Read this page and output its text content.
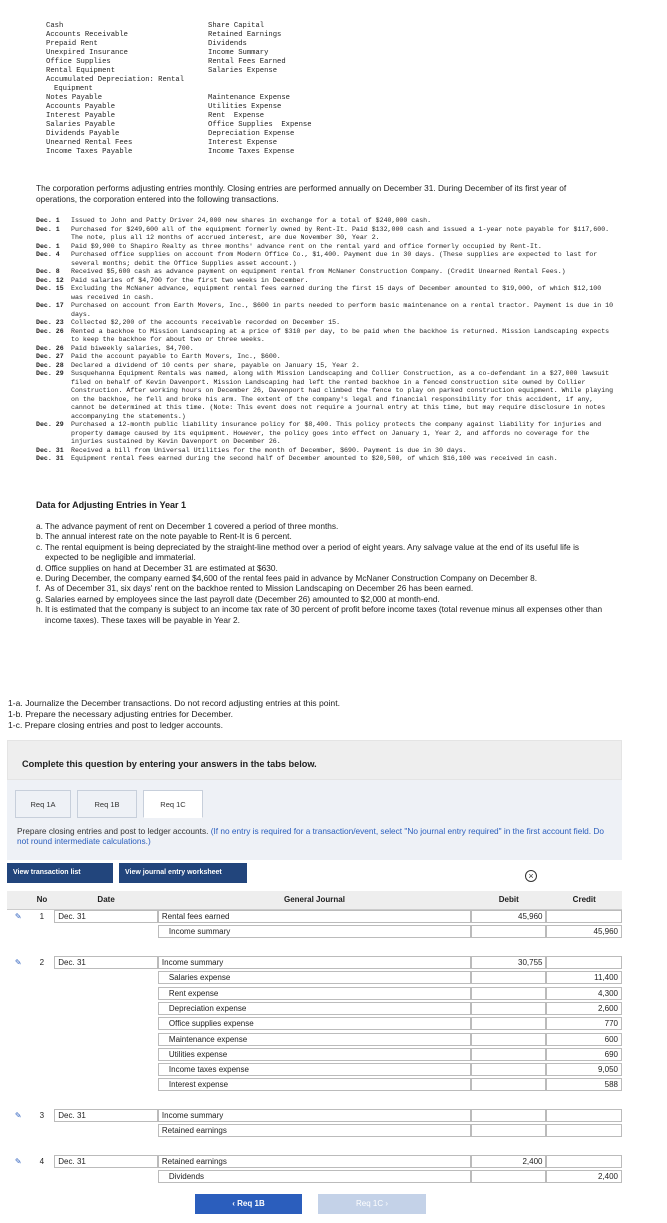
Cash
Accounts Receivable
Prepaid Rent
Unexpired Insurance
Office Supplies
Rental Equipment
Accumulated Depreciation: Rental
Equipment
Notes Payable
Accounts Payable
Interest Payable
Salaries Payable
Dividends Payable
Unearned Rental Fees
Income Taxes Payable
Share Capital
Retained Earnings
Dividends
Income Summary
Rental Fees Earned
Salaries Expense
Maintenance Expense
Utilities Expense
Rent  Expense
Office Supplies  Expense
Depreciation Expense
Interest Expense
Income Taxes Expense
The corporation performs adjusting entries monthly. Closing entries are performed annually on December 31. During December of its first year of operations, the corporation entered into the following transactions.
Dec. 1	Issued to John and Patty Driver 24,000 new shares in exchange for a total of $240,000 cash.
Dec. 1	Purchased for $249,600 all of the equipment formerly owned by Rent-It. Paid $132,000 cash and issued a 1-year note payable for $117,600. The note, plus all 12 months of accrued interest, are due November 30, Year 2.
Dec. 1	Paid $9,900 to Shapiro Realty as three months' advance rent on the rental yard and office formerly occupied by Rent-It.
Dec. 4	Purchased office supplies on account from Modern Office Co., $1,400. Payment due in 30 days. (These supplies are expected to last for several months; debit the Office Supplies asset account.)
Dec. 8	Received $5,600 cash as advance payment on equipment rental from McNaner Construction Company. (Credit Unearned Rental Fees.)
Dec. 12	Paid salaries of $4,700 for the first two weeks in December.
Dec. 15	Excluding the McNaner advance, equipment rental fees earned during the first 15 days of December amounted to $19,000, of which $12,100 was received in cash.
Dec. 17	Purchased on account from Earth Movers, Inc., $600 in parts needed to perform basic maintenance on a rental tractor. Payment is due in 10 days.
Dec. 23	Collected $2,200 of the accounts receivable recorded on December 15.
Dec. 26	Rented a backhoe to Mission Landscaping at a price of $310 per day, to be paid when the backhoe is returned. Mission Landscaping expects to keep the backhoe for about two or three weeks.
Dec. 26	Paid biweekly salaries, $4,700.
Dec. 27	Paid the account payable to Earth Movers, Inc., $600.
Dec. 28	Declared a dividend of 10 cents per share, payable on January 15, Year 2.
Dec. 29	Susquehanna Equipment Rentals was named, along with Mission Landscaping and Collier Construction, as a co-defendant in a $27,000 lawsuit filed on behalf of Kevin Davenport. Mission Landscaping had left the rented backhoe in a fenced construction site owned by Collier Construction. After working hours on December 26, Davenport had climbed the fence to play on parked construction equipment. While playing on the backhoe, he fell and broke his arm. The extent of the company's legal and financial responsibility for this accident, if any, cannot be determined at this time. (Note: This event does not require a journal entry at this time, but may require disclosure in notes accompanying the statements.)
Dec. 29	Purchased a 12-month public liability insurance policy for $8,400. This policy protects the company against liability for injuries and property damage caused by its equipment. However, the policy goes into effect on January 1, Year 2, and affords no coverage for the injuries sustained by Kevin Davenport on December 26.
Dec. 31	Received a bill from Universal Utilities for the month of December, $690. Payment is due in 30 days.
Dec. 31	Equipment rental fees earned during the second half of December amounted to $20,500, of which $16,100 was received in cash.
Data for Adjusting Entries in Year 1
a. The advance payment of rent on December 1 covered a period of three months.
b. The annual interest rate on the note payable to Rent-It is 6 percent.
c. The rental equipment is being depreciated by the straight-line method over a period of eight years. Any salvage value at the end of its useful life is expected to be negligible and immaterial.
d. Office supplies on hand at December 31 are estimated at $630.
e. During December, the company earned $4,600 of the rental fees paid in advance by McNaner Construction Company on December 8.
f. As of December 31, six days' rent on the backhoe rented to Mission Landscaping on December 26 has been earned.
g. Salaries earned by employees since the last payroll date (December 26) amounted to $2,000 at month-end.
h. It is estimated that the company is subject to an income tax rate of 30 percent of profit before income taxes (total revenue minus all expenses other than income taxes). These taxes will be payable in Year 2.
1-a. Journalize the December transactions. Do not record adjusting entries at this point.
1-b. Prepare the necessary adjusting entries for December.
1-c. Prepare closing entries and post to ledger accounts.
Complete this question by entering your answers in the tabs below.
Req 1A	Req 1B	Req 1C
Prepare closing entries and post to ledger accounts. (If no entry is required for a transaction/event, select "No journal entry required" in the first account field. Do not round intermediate calculations.)
View transaction list	View journal entry worksheet	×
	No	Date	General Journal	Debit	Credit
✎	1	Dec. 31	Rental fees earned	45,960	

			Income summary		45,960

✎	2	Dec. 31	Income summary	30,755	

			Salaries expense		11,400

			Rent expense		4,300

			Depreciation expense		2,600

			Office supplies expense		770

			Maintenance expense		600

			Utilities expense		690

			Income taxes expense		9,050

			Interest expense		588

✎	3	Dec. 31	Income summary		

			Retained earnings		

✎	4	Dec. 31	Retained earnings	2,400	

			Dividends		2,400
‹ Req 1B	Req 1C ›
